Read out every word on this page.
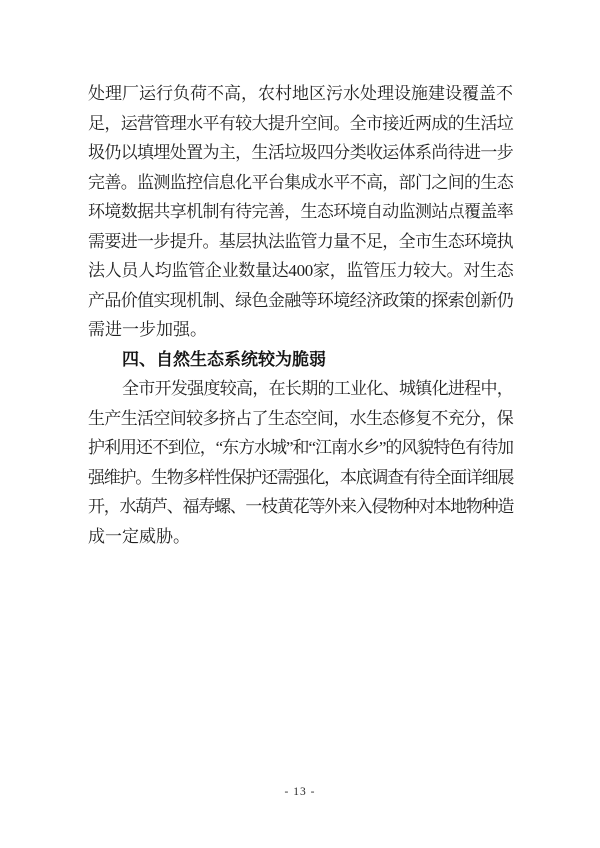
处理厂运行负荷不高，农村地区污水处理设施建设覆盖不
足，运营管理水平有较大提升空间。全市接近两成的生活垃
圾仍以填埋处置为主，生活垃圾四分类收运体系尚待进一步
完善。监测监控信息化平台集成水平不高，部门之间的生态
环境数据共享机制有待完善，生态环境自动监测站点覆盖率
需要进一步提升。基层执法监管力量不足，全市生态环境执
法人员人均监管企业数量达400家，监管压力较大。对生态
产品价值实现机制、绿色金融等环境经济政策的探索创新仍
需进一步加强。
四、自然生态系统较为脆弱
全市开发强度较高，在长期的工业化、城镇化进程中，
生产生活空间较多挤占了生态空间，水生态修复不充分，保
护利用还不到位，“东方水城”和“江南水乡”的风貌特色有待加
强维护。生物多样性保护还需强化，本底调查有待全面详细展
开，水葫芦、福寿螺、一枝黄花等外来入侵物种对本地物种造
成一定威胁。
- 13 -
